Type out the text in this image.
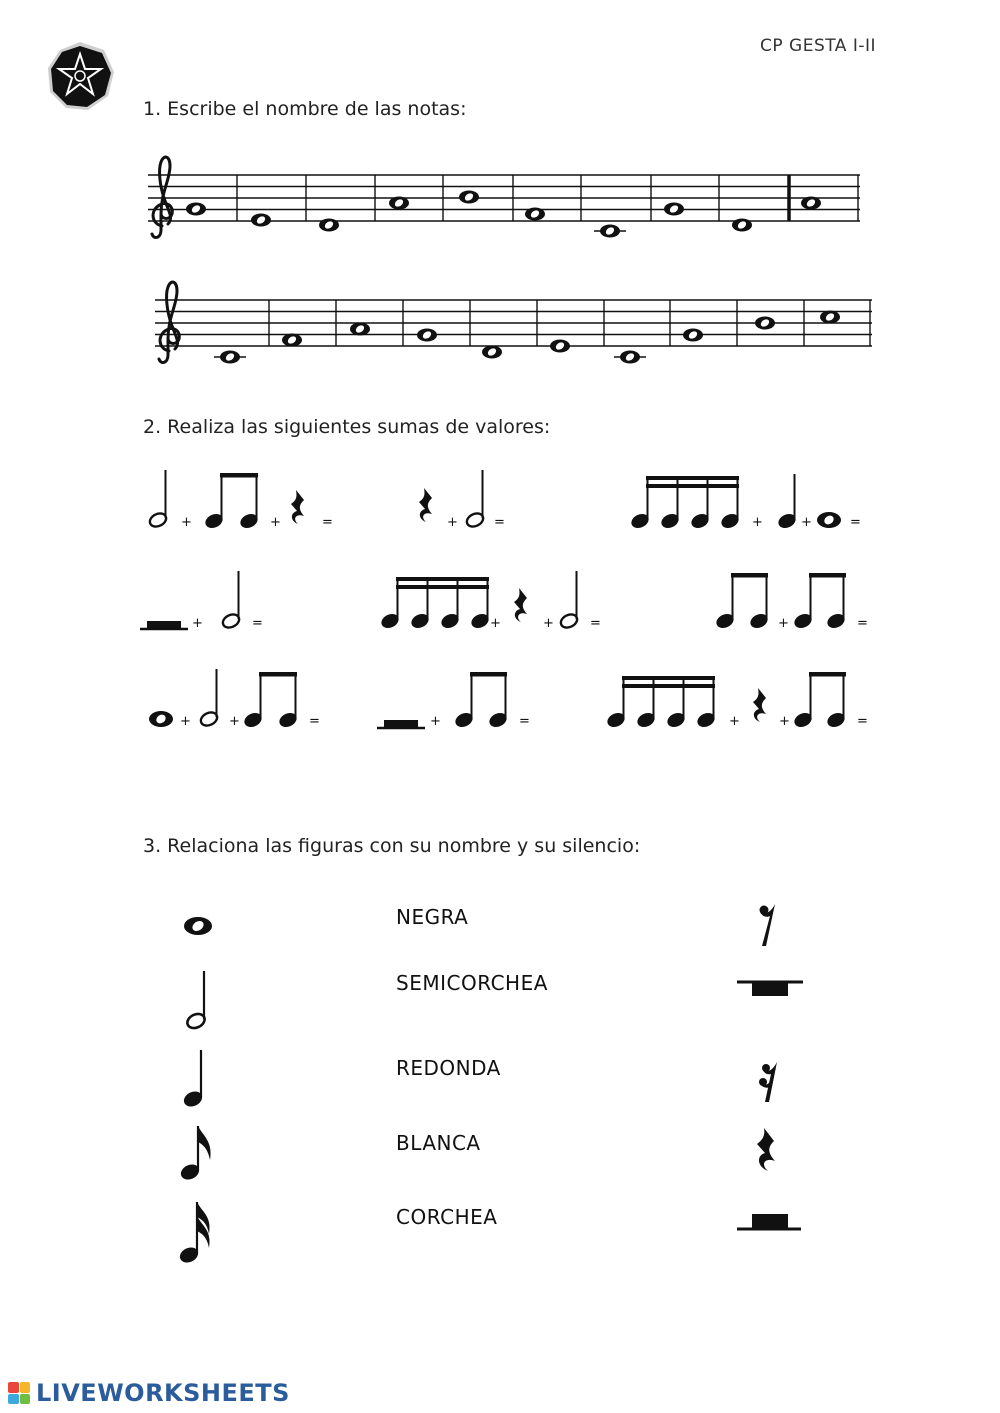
CP GESTA I-II
1. Escribe el nombre de las notas:
2. Realiza las siguientes sumas de valores:
3. Relaciona las figuras con su nombre y su silencio:
+	+	=	+	=	+	+	=
+	=	+	+	=	+	=
+	+	=	+	=	+	+	=
NEGRA
SEMICORCHEA
REDONDA
BLANCA
CORCHEA
LIVEWORKSHEETS
